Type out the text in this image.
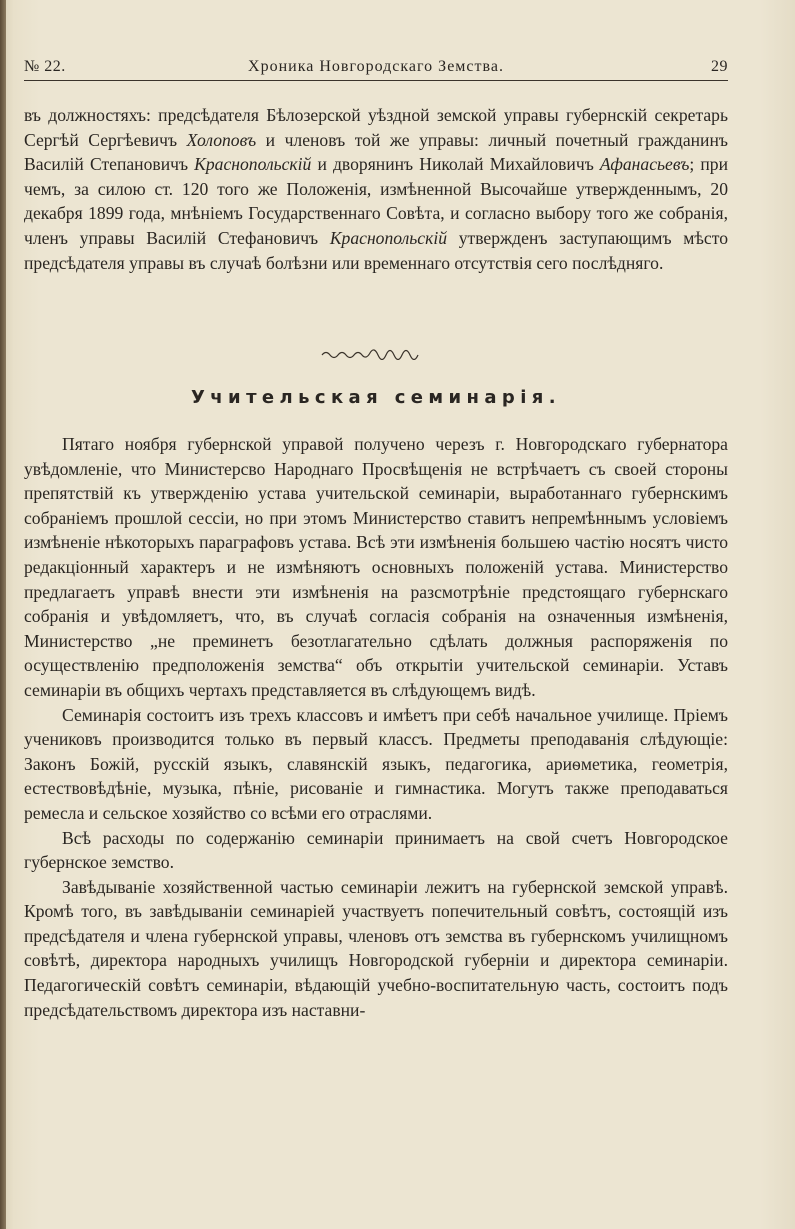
№ 22.	Хроника Новгородскаго Земства.	29

въ должностяхъ: предсѣдателя Бѣлозерской уѣздной земской управы губернскій секретарь Сергѣй Сергѣевичъ Холоповъ и членовъ той же управы: личный почетный гражданинъ Василій Степановичъ Краснопольскій и дворянинъ Николай Михайловичъ Афанасьевъ; при чемъ, за силою ст. 120 того же Положенія, измѣненной Высочайше утвержденнымъ, 20 декабря 1899 года, мнѣніемъ Государственнаго Совѣта, и согласно выбору того же собранія, членъ управы Василій Стефановичъ Краснопольскій утвержденъ заступающимъ мѣсто предсѣдателя управы въ случаѣ болѣзни или временнаго отсутствія сего послѣдняго.

Учительская семинарія.

Пятаго ноября губернской управой получено черезъ г. Новгородскаго губернатора увѣдомленіе, что Министерсво Народнаго Просвѣщенія не встрѣчаетъ съ своей стороны препятствій къ утвержденію устава учительской семинаріи, выработаннаго губернскимъ собраніемъ прошлой сессіи, но при этомъ Министерство ставитъ непремѣннымъ условіемъ измѣненіе нѣкоторыхъ параграфовъ устава. Всѣ эти измѣненія большею частію носятъ чисто редакціонный характеръ и не измѣняютъ основныхъ положеній устава. Министерство предлагаетъ управѣ внести эти измѣненія на разсмотрѣніе предстоящаго губернскаго собранія и увѣдомляетъ, что, въ случаѣ согласія собранія на означенныя измѣненія, Министерство „не преминетъ безотлагательно сдѣлать должныя распоряженія по осуществленію предположенія земства“ объ открытіи учительской семинаріи. Уставъ семинаріи въ общихъ чертахъ представляется въ слѣдующемъ видѣ.

Семинарія состоитъ изъ трехъ классовъ и имѣетъ при себѣ начальное училище. Пріемъ учениковъ производится только въ первый классъ. Предметы преподаванія слѣдующіе: Законъ Божій, русскій языкъ, славянскій языкъ, педагогика, ариѳметика, геометрія, естествовѣдѣніе, музыка, пѣніе, рисованіе и гимнастика. Могутъ также преподаваться ремесла и сельское хозяйство со всѣми его отраслями.

Всѣ расходы по содержанію семинаріи принимаетъ на свой счетъ Новгородское губернское земство.

Завѣдываніе хозяйственной частью семинаріи лежитъ на губернской земской управѣ. Кромѣ того, въ завѣдываніи семинаріей участвуетъ попечительный совѣтъ, состоящій изъ предсѣдателя и члена губернской управы, членовъ отъ земства въ губернскомъ училищномъ совѣтѣ, директора народныхъ училищъ Новгородской губерніи и директора семинаріи. Педагогическій совѣтъ семинаріи, вѣдающій учебно-воспитательную часть, состоитъ подъ предсѣдательствомъ директора изъ наставни-
